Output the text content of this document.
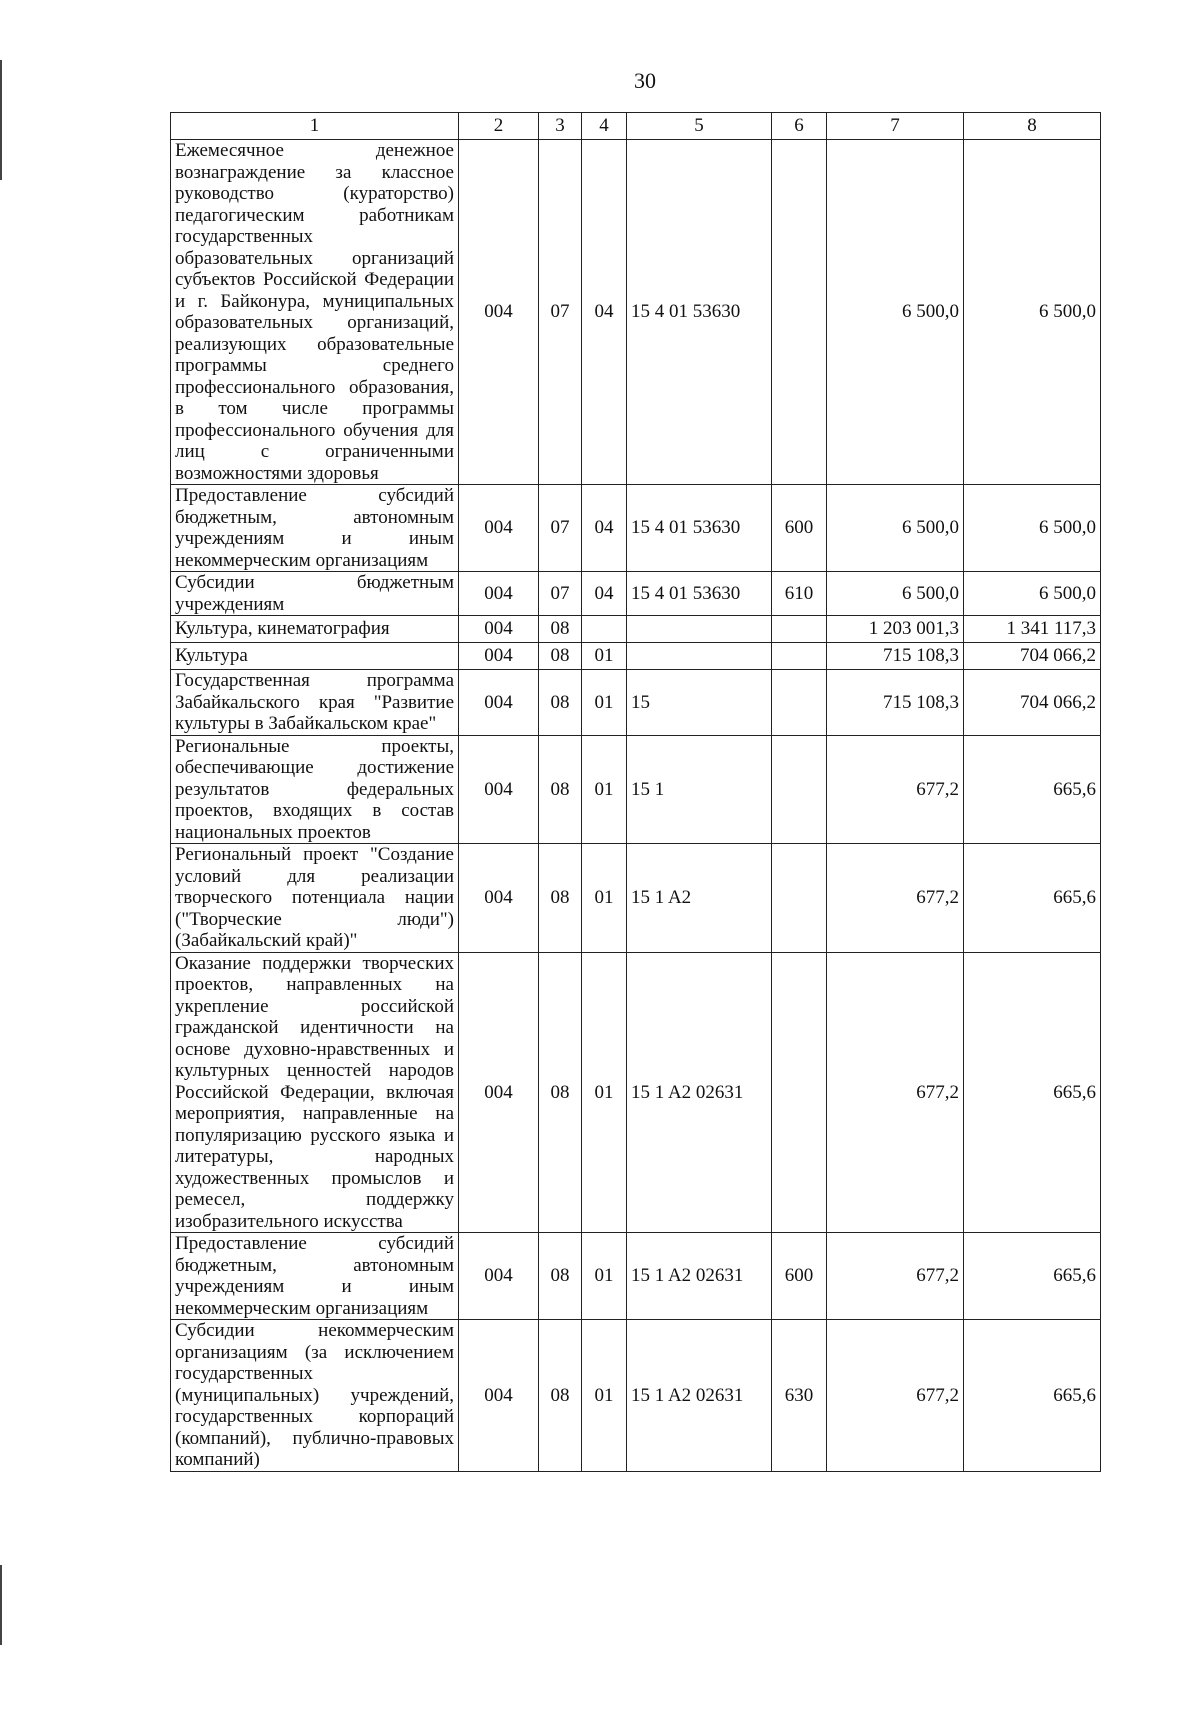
30
1	2	3	4	5	6	7	8
Ежемесячное денежное вознаграждение за классное руководство (кураторство) педагогическим работникам государственных образовательных организаций субъектов Российской Федерации и г. Байконура, муниципальных образовательных организаций, реализующих образовательные программы среднего профессионального образования, в том числе программы профессионального обучения для лиц с ограниченными возможностями здоровья	004	07	04	15 4 01 53630		6 500,0	6 500,0
Предоставление субсидий бюджетным, автономным учреждениям и иным некоммерческим организациям	004	07	04	15 4 01 53630	600	6 500,0	6 500,0
Субсидии бюджетным учреждениям	004	07	04	15 4 01 53630	610	6 500,0	6 500,0
Культура, кинематография	004	08				1 203 001,3	1 341 117,3
Культура	004	08	01			715 108,3	704 066,2
Государственная программа Забайкальского края "Развитие культуры в Забайкальском крае"	004	08	01	15		715 108,3	704 066,2
Региональные проекты, обеспечивающие достижение результатов федеральных проектов, входящих в состав национальных проектов	004	08	01	15 1		677,2	665,6
Региональный проект "Создание условий для реализации творческого потенциала нации ("Творческие люди") (Забайкальский край)"	004	08	01	15 1 A2		677,2	665,6
Оказание поддержки творческих проектов, направленных на укрепление российской гражданской идентичности на основе духовно-нравственных и культурных ценностей народов Российской Федерации, включая мероприятия, направленные на популяризацию русского языка и литературы, народных художественных промыслов и ремесел, поддержку изобразительного искусства	004	08	01	15 1 A2 02631		677,2	665,6
Предоставление субсидий бюджетным, автономным учреждениям и иным некоммерческим организациям	004	08	01	15 1 A2 02631	600	677,2	665,6
Субсидии некоммерческим организациям (за исключением государственных (муниципальных) учреждений, государственных корпораций (компаний), публично-правовых компаний)	004	08	01	15 1 A2 02631	630	677,2	665,6
